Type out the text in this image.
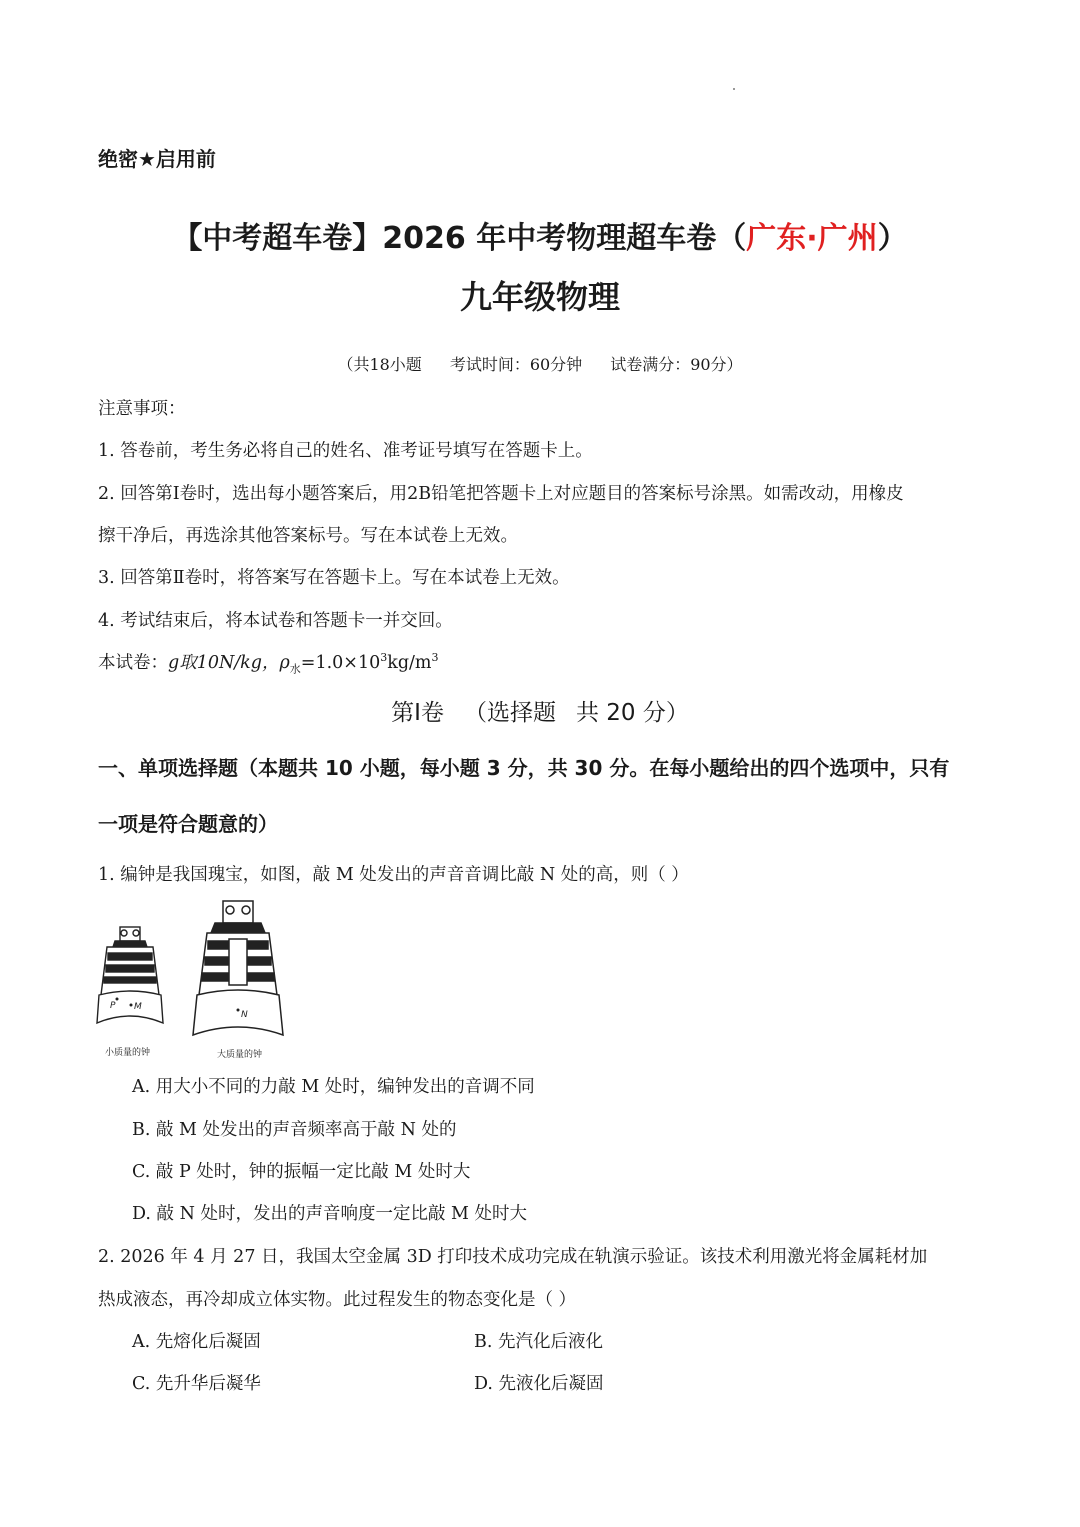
绝密★启用前
【中考超车卷】2026 年中考物理超车卷（广东·广州）
九年级物理
（共18小题 考试时间：60分钟 试卷满分：90分）
注意事项：
1. 答卷前，考生务必将自己的姓名、准考证号填写在答题卡上。
2. 回答第Ⅰ卷时，选出每小题答案后，用2B铅笔把答题卡上对应题目的答案标号涂黑。如需改动，用橡皮
擦干净后，再选涂其他答案标号。写在本试卷上无效。
3. 回答第Ⅱ卷时，将答案写在答题卡上。写在本试卷上无效。
4. 考试结束后，将本试卷和答题卡一并交回。
本试卷：g取10N/kg，$\rho_水=1.0\times 10^3kg/m^3$
第Ⅰ卷 （选择题 共 20 分）
一、单项选择题（本题共 10 小题，每小题 3 分，共 30 分。在每小题给出的四个选项中，只有
一项是符合题意的）
1. 编钟是我国瑰宝，如图，敲 M 处发出的声音音调比敲 N 处的高，则（ ）
P M
小质量的钟
N
大质量的钟
A. 用大小不同的力敲 M 处时，编钟发出的音调不同
B. 敲 M 处发出的声音频率高于敲 N 处的
C. 敲 P 处时，钟的振幅一定比敲 M 处时大
D. 敲 N 处时，发出的声音响度一定比敲 M 处时大
2. 2026 年 4 月 27 日，我国太空金属 3D 打印技术成功完成在轨演示验证。该技术利用激光将金属耗材加
热成液态，再冷却成立体实物。此过程发生的物态变化是（ ）
A. 先熔化后凝固	B. 先汽化后液化
C. 先升华后凝华	D. 先液化后凝固
